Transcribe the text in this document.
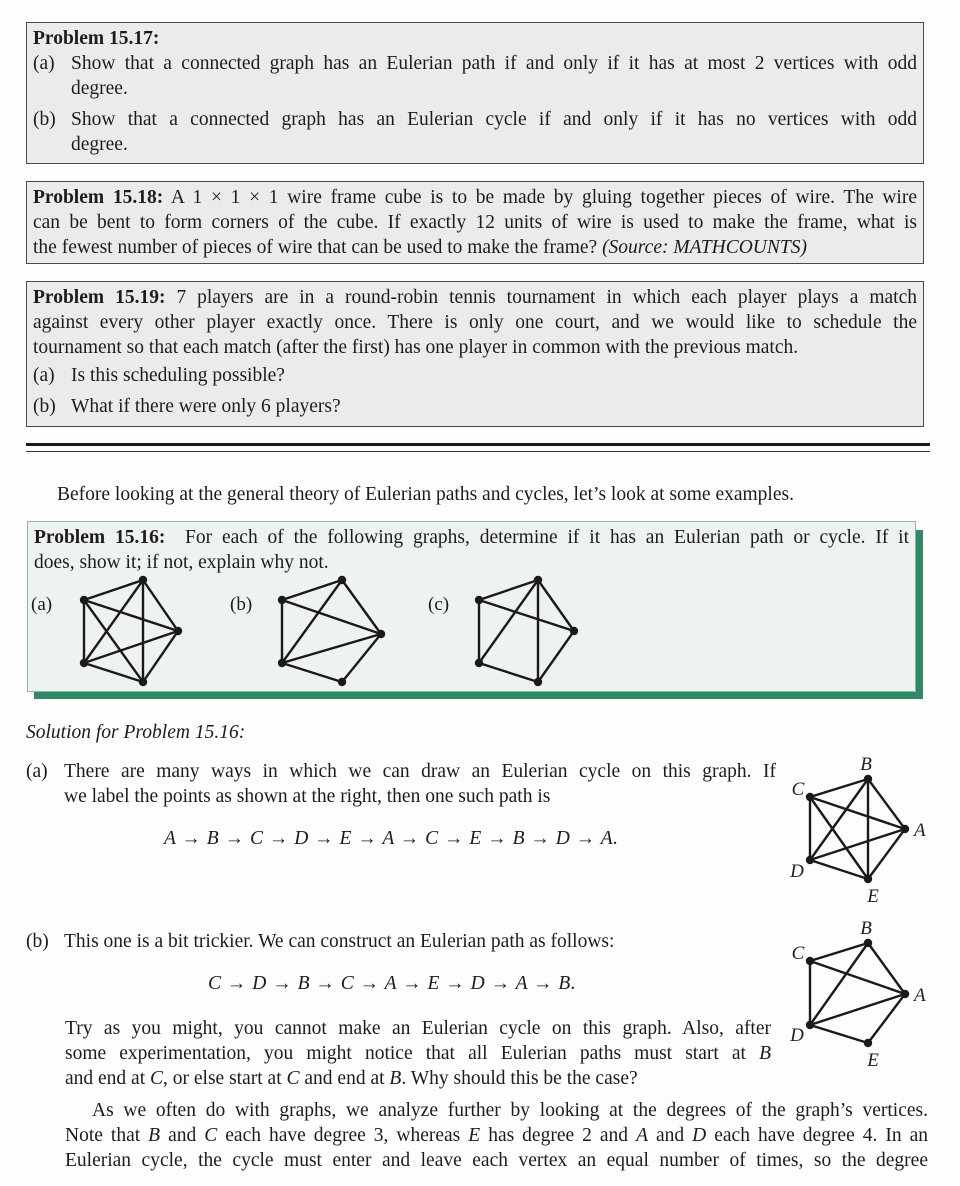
Problem 15.17:
(a) Show that a connected graph has an Eulerian path if and only if it has at most 2 vertices with odd
degree.
(b) Show that a connected graph has an Eulerian cycle if and only if it has no vertices with odd
degree.
Problem 15.18: A 1 × 1 × 1 wire frame cube is to be made by gluing together pieces of wire. The wire
can be bent to form corners of the cube. If exactly 12 units of wire is used to make the frame, what is
the fewest number of pieces of wire that can be used to make the frame? (Source: MATHCOUNTS)
Problem 15.19: 7 players are in a round-robin tennis tournament in which each player plays a match
against every other player exactly once. There is only one court, and we would like to schedule the
tournament so that each match (after the first) has one player in common with the previous match.
(a) Is this scheduling possible?
(b) What if there were only 6 players?
Before looking at the general theory of Eulerian paths and cycles, let’s look at some examples.
Problem 15.16: For each of the following graphs, determine if it has an Eulerian path or cycle. If it
does, show it; if not, explain why not.
(a)	(b)	(c)
A
B
C
D
E
A
B
C
D
E
Solution for Problem 15.16:
(a) There are many ways in which we can draw an Eulerian cycle on this graph. If
we label the points as shown at the right, then one such path is
A → B → C → D → E → A → C → E → B → D → A.
(b) This one is a bit trickier. We can construct an Eulerian path as follows:
C → D → B → C → A → E → D → A → B.
Try as you might, you cannot make an Eulerian cycle on this graph. Also, after
some experimentation, you might notice that all Eulerian paths must start at B
and end at C, or else start at C and end at B. Why should this be the case?
As we often do with graphs, we analyze further by looking at the degrees of the graph’s vertices.
Note that B and C each have degree 3, whereas E has degree 2 and A and D each have degree 4. In an
Eulerian cycle, the cycle must enter and leave each vertex an equal number of times, so the degree
